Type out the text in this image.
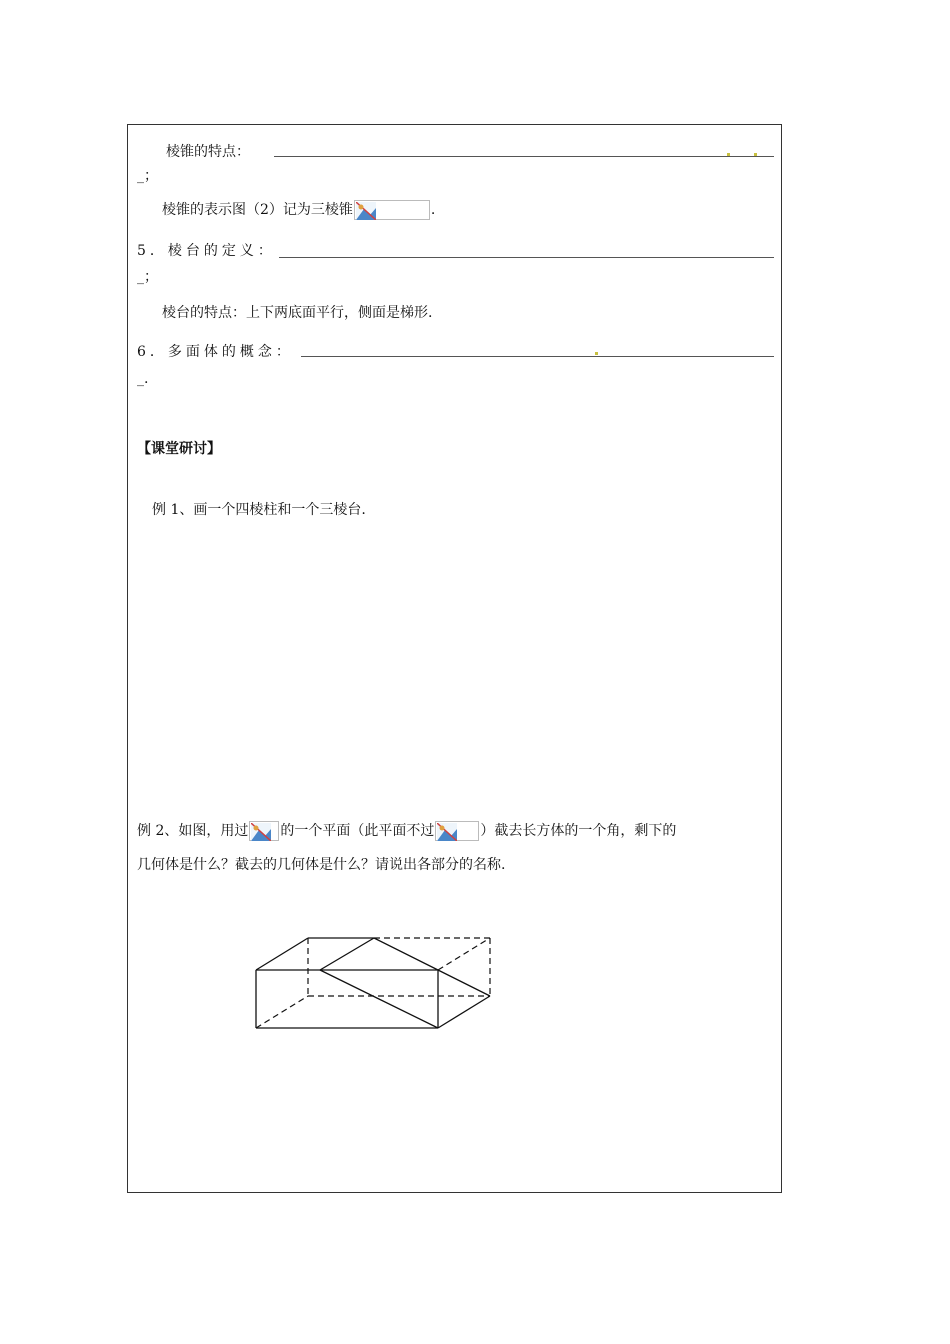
棱锥的特点：
_；
棱锥的表示图（2）记为三棱锥	.
5．棱台的定义：
_；
棱台的特点：上下两底面平行，侧面是梯形.
6．多面体的概念：
_.
【课堂研讨】
例 1、画一个四棱柱和一个三棱台.
例 2、如图，用过 的一个平面（此平面不过	）截去长方体的一个角，剩下的
几何体是什么？截去的几何体是什么？请说出各部分的名称.
